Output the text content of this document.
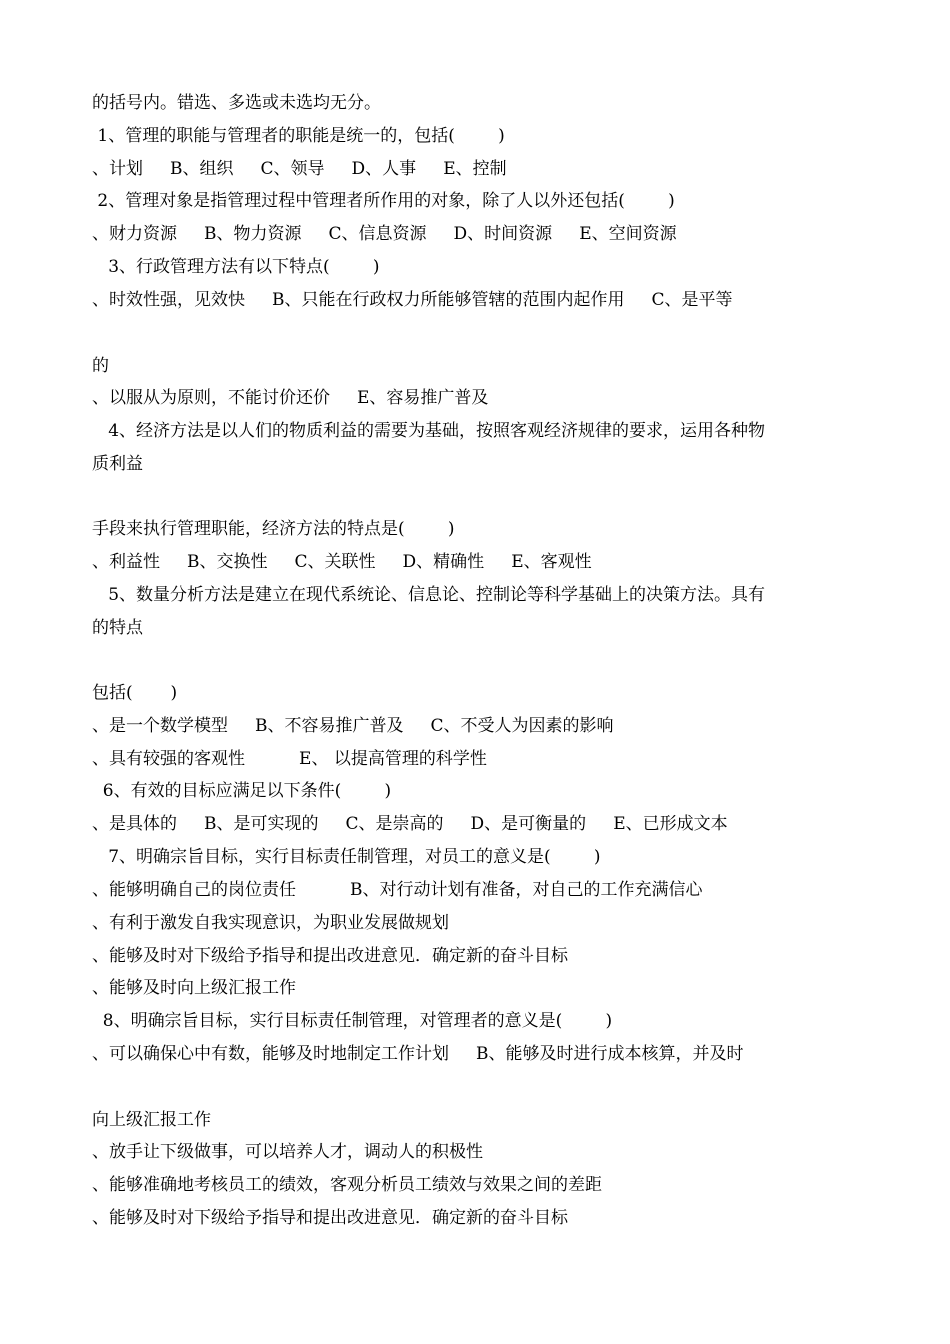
的括号内。错选、多选或未选均无分。
1、管理的职能与管理者的职能是统一的，包括(        )
、计划     B、组织     C、领导     D、人事     E、控制
2、管理对象是指管理过程中管理者所作用的对象，除了人以外还包括(        )
、财力资源     B、物力资源     C、信息资源     D、时间资源     E、空间资源
3、行政管理方法有以下特点(        )
、时效性强，见效快     B、只能在行政权力所能够管辖的范围内起作用     C、是平等
的
、以服从为原则，不能讨价还价     E、容易推广普及
4、经济方法是以人们的物质利益的需要为基础，按照客观经济规律的要求，运用各种物
质利益
手段来执行管理职能，经济方法的特点是(        )
、利益性     B、交换性     C、关联性     D、精确性     E、客观性
5、数量分析方法是建立在现代系统论、信息论、控制论等科学基础上的决策方法。具有
的特点
包括(       )
、是一个数学模型     B、不容易推广普及     C、不受人为因素的影响
、具有较强的客观性          E、 以提高管理的科学性
6、有效的目标应满足以下条件(        )
、是具体的     B、是可实现的     C、是崇高的     D、是可衡量的     E、已形成文本
7、明确宗旨目标，实行目标责任制管理，对员工的意义是(        )
、能够明确自己的岗位责任          B、对行动计划有准备，对自己的工作充满信心
、有利于激发自我实现意识，为职业发展做规划
、能够及时对下级给予指导和提出改进意见．确定新的奋斗目标
、能够及时向上级汇报工作
8、明确宗旨目标，实行目标责任制管理，对管理者的意义是(        )
、可以确保心中有数，能够及时地制定工作计划     B、能够及时进行成本核算，并及时
向上级汇报工作
、放手让下级做事，可以培养人才，调动人的积极性
、能够准确地考核员工的绩效，客观分析员工绩效与效果之间的差距
、能够及时对下级给予指导和提出改进意见．确定新的奋斗目标
